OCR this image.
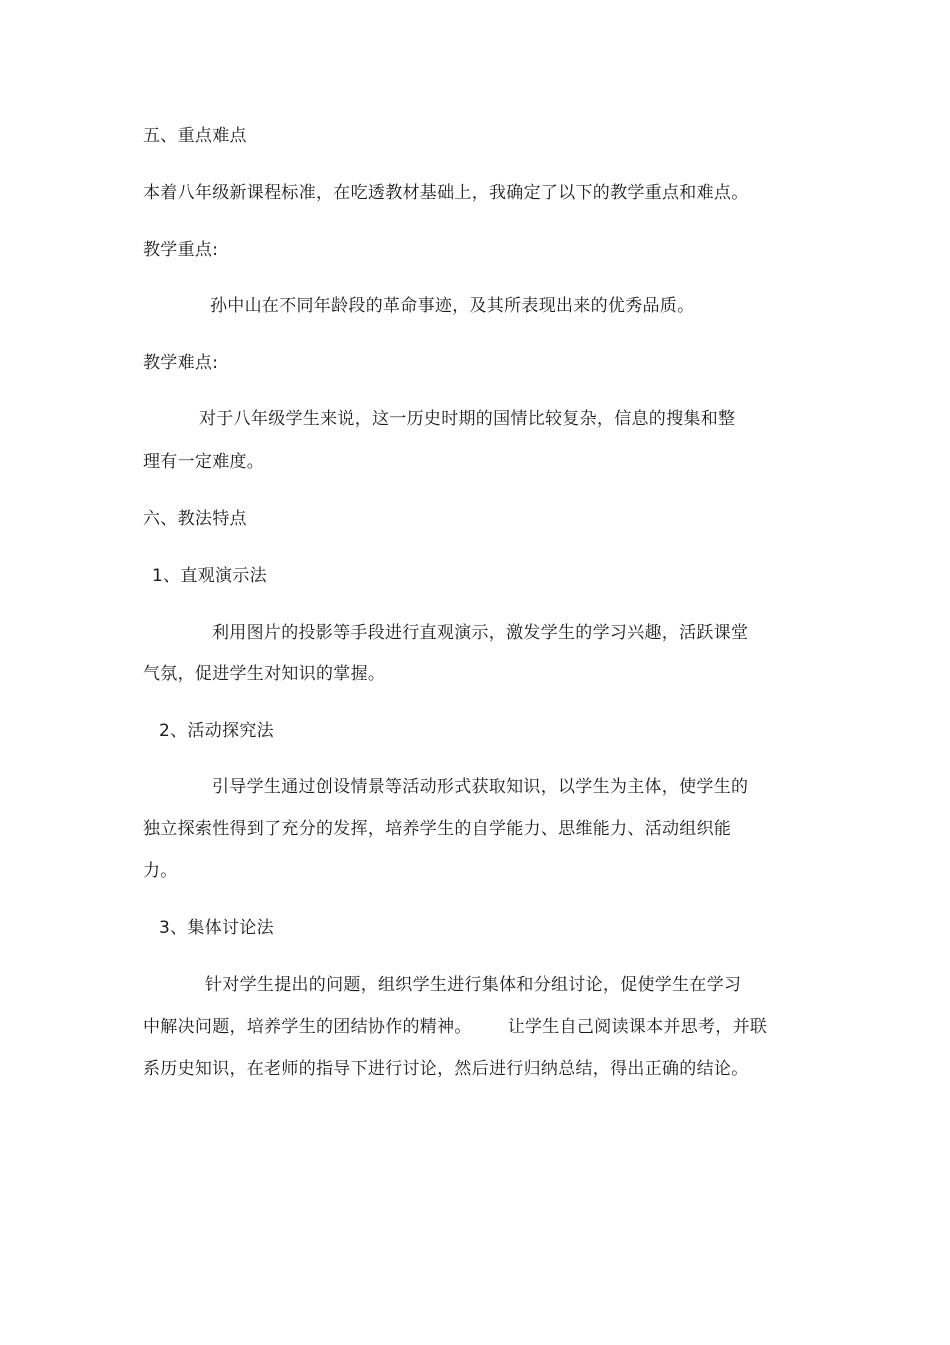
五、重点难点
本着八年级新课程标准，在吃透教材基础上，我确定了以下的教学重点和难点。
教学重点:
孙中山在不同年龄段的革命事迹，及其所表现出来的优秀品质。
教学难点:
对于八年级学生来说，这一历史时期的国情比较复杂，信息的搜集和整
理有一定难度。
六、教法特点
1、直观演示法
利用图片的投影等手段进行直观演示，激发学生的学习兴趣，活跃课堂
气氛，促进学生对知识的掌握。
2、活动探究法
引导学生通过创设情景等活动形式获取知识，以学生为主体，使学生的
独立探索性得到了充分的发挥，培养学生的自学能力、思维能力、活动组织能
力。
3、集体讨论法
针对学生提出的问题，组织学生进行集体和分组讨论，促使学生在学习
中解决问题，培养学生的团结协作的精神。 让学生自己阅读课本并思考，并联
系历史知识，在老师的指导下进行讨论，然后进行归纳总结，得出正确的结论。
